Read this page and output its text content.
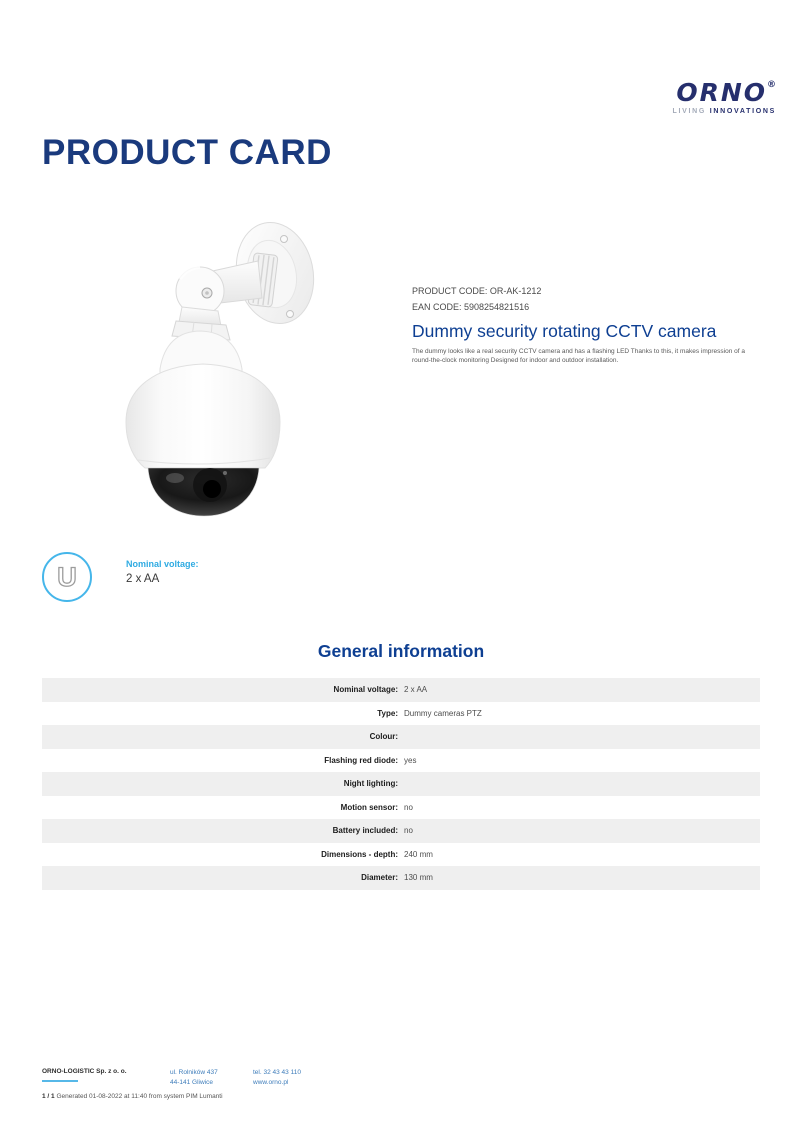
ORNO®
LIVING INNOVATIONS
PRODUCT CARD
PRODUCT CODE: OR-AK-1212
EAN CODE: 5908254821516
Dummy security rotating CCTV camera
The dummy looks like a real security CCTV camera and has a flashing LED Thanks to this, it makes impression of a round-the-clock monitoring Designed for indoor and outdoor installation.
U	Nominal voltage:
2 x AA
General information
Nominal voltage: 2 x AA
Type: Dummy cameras PTZ
Colour:
Flashing red diode: yes
Night lighting:
Motion sensor: no
Battery included: no
Dimensions - depth: 240 mm
Diameter: 130 mm
ORNO-LOGISTIC Sp. z o. o.	ul. Rolników 437
44-141 Gliwice
tel. 32 43 43 110
www.orno.pl
1 / 1 Generated 01-08-2022 at 11:40 from system PIM Lumanti
